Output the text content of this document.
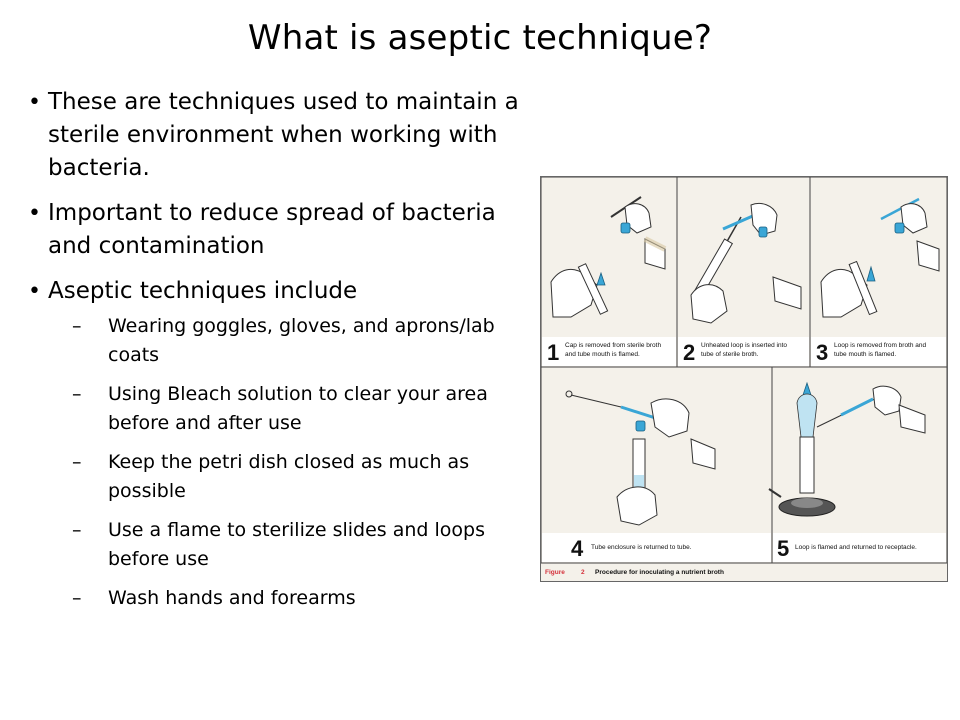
What is aseptic technique?
• These are techniques used to maintain a sterile environment when working with bacteria.
• Important to reduce spread of bacteria and contamination
• Aseptic techniques include
– Wearing goggles, gloves, and aprons/lab coats
– Using Bleach solution to clear your area before and after use
– Keep the petri dish closed as much as possible
– Use a flame to sterilize slides and loops before use
– Wash hands and forearms
1 Cap is removed from sterile broth
and tube mouth is flamed. 2 Unheated loop is inserted into
tube of sterile broth.	3 Loop is removed from broth and
tube mouth is flamed.
4 Tube enclosure is returned to tube.	5 Loop is flamed and returned to receptacle.
Figure 2 Procedure for inoculating a nutrient broth
